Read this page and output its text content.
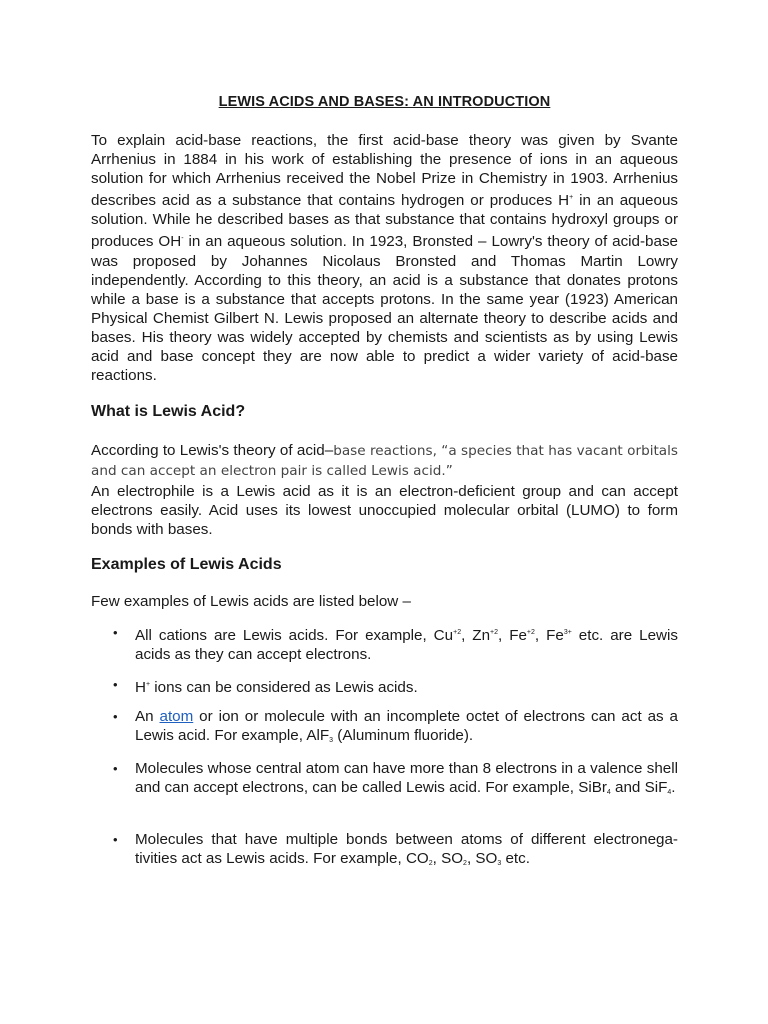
LEWIS ACIDS AND BASES: AN INTRODUCTION

To explain acid-base reactions, the first acid-base theory was given by Svante Arrhenius in 1884 in his work of establishing the presence of ions in an aqueous solution for which Arrhenius received the Nobel Prize in Chemistry in 1903. Arrhenius describes acid as a substance that contains hydrogen or produces H+ in an aqueous solution. While he described bases as that substance that contains hydroxyl groups or produces OH- in an aqueous solution. In 1923, Bronsted – Lowry's theory of acid-base was proposed by Johannes Nicolaus Bronsted and Thomas Martin Lowry independently. According to this theory, an acid is a substance that donates protons while a base is a substance that accepts protons. In the same year (1923) American Physical Chemist Gilbert N. Lewis proposed an alternate theory to describe acids and bases. His theory was widely accepted by chemists and scientists as by using Lewis acid and base concept they are now able to predict a wider variety of acid-base reactions.

What is Lewis Acid?

According to Lewis's theory of acid–base reactions, “a species that has vacant orbitals and can accept an electron pair is called Lewis acid.”

An electrophile is a Lewis acid as it is an electron-deficient group and can accept electrons easily. Acid uses its lowest unoccupied molecular orbital (LUMO) to form bonds with bases.

Examples of Lewis Acids

Few examples of Lewis acids are listed below –

• All cations are Lewis acids. For example, $Cu^{+2}$, $Zn^{+2}$, $Fe^{+2}$, $Fe^{3+}$ etc. are Lewis acids as they can accept electrons.
• H+ ions can be considered as Lewis acids.
• An atom or ion or molecule with an incomplete octet of electrons can act as a Lewis acid. For example, AlF$_3$ (Aluminum fluoride).
• Molecules whose central atom can have more than 8 electrons in a valence shell and can accept electrons, can be called Lewis acid. For example, SiBr$_4$ and SiF$_4$.
• Molecules that have multiple bonds between atoms of different electronega-tivities act as Lewis acids. For example, $CO_2$, $SO_2$, $SO_3$ etc.
